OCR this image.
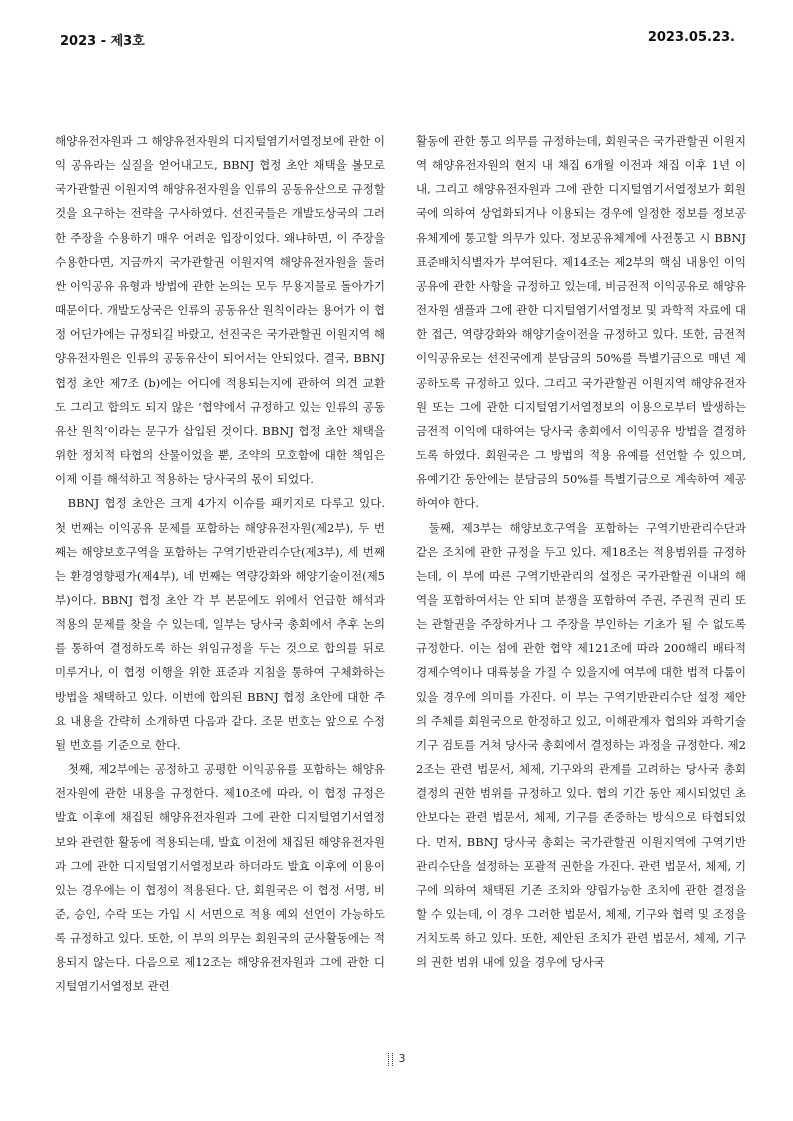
2023 - 제3호	2023.05.23.

해양유전자원과 그 해양유전자원의 디지털염기서열정보에 관한 이익 공유라는 실질을 얻어내고도, BBNJ 협정 초안 채택을 볼모로 국가관할권 이원지역 해양유전자원을 인류의 공동유산으로 규정할 것을 요구하는 전략을 구사하였다. 선진국들은 개발도상국의 그러한 주장을 수용하기 매우 어려운 입장이었다. 왜냐하면, 이 주장을 수용한다면, 지금까지 국가관할권 이원지역 해양유전자원을 둘러싼 이익공유 유형과 방법에 관한 논의는 모두 무용지물로 돌아가기 때문이다. 개발도상국은 인류의 공동유산 원칙이라는 용어가 이 협정 어딘가에는 규정되길 바랐고, 선진국은 국가관할권 이원지역 해양유전자원은 인류의 공동유산이 되어서는 안되었다. 결국, BBNJ 협정 초안 제7조 (b)에는 어디에 적용되는지에 관하여 의견 교환도 그리고 합의도 되지 않은 ‘협약에서 규정하고 있는 인류의 공동유산 원칙’이라는 문구가 삽입된 것이다. BBNJ 협정 초안 채택을 위한 정치적 타협의 산물이었을 뿐, 조약의 모호함에 대한 책임은 이제 이를 해석하고 적용하는 당사국의 몫이 되었다.

BBNJ 협정 초안은 크게 4가지 이슈를 패키지로 다루고 있다. 첫 번째는 이익공유 문제를 포함하는 해양유전자원(제2부), 두 번째는 해양보호구역을 포함하는 구역기반관리수단(제3부), 세 번째는 환경영향평가(제4부), 네 번째는 역량강화와 해양기술이전(제5부)이다. BBNJ 협정 초안 각 부 본문에도 위에서 언급한 해석과 적용의 문제를 찾을 수 있는데, 일부는 당사국 총회에서 추후 논의를 통하여 결정하도록 하는 위임규정을 두는 것으로 합의를 뒤로 미루거나, 이 협정 이행을 위한 표준과 지침을 통하여 구체화하는 방법을 채택하고 있다. 이번에 합의된 BBNJ 협정 초안에 대한 주요 내용을 간략히 소개하면 다음과 같다. 조문 번호는 앞으로 수정될 번호를 기준으로 한다.

첫째, 제2부에는 공정하고 공평한 이익공유를 포함하는 해양유전자원에 관한 내용을 규정한다. 제10조에 따라, 이 협정 규정은 발효 이후에 채집된 해양유전자원과 그에 관한 디지털염기서열정보와 관련한 활동에 적용되는데, 발효 이전에 채집된 해양유전자원과 그에 관한 디지털염기서열정보라 하더라도 발효 이후에 이용이있는 경우에는 이 협정이 적용된다. 단, 회원국은 이 협정 서명, 비준, 승인, 수락 또는 가입 시 서면으로 적용 예외 선언이 가능하도록 규정하고 있다. 또한, 이 부의 의무는 회원국의 군사활동에는 적용되지 않는다. 다음으로 제12조는 해양유전자원과 그에 관한 디지털염기서열정보 관련

활동에 관한 통고 의무를 규정하는데, 회원국은 국가관할권 이원지역 해양유전자원의 현지 내 채집 6개월 이전과 채집 이후 1년 이내, 그리고 해양유전자원과 그에 관한 디지털염기서열정보가 회원국에 의하여 상업화되거나 이용되는 경우에 일정한 정보를 정보공유체계에 통고할 의무가 있다. 정보공유체계에 사전통고 시 BBNJ 표준배치식별자가 부여된다. 제14조는 제2부의 핵심 내용인 이익공유에 관한 사항을 규정하고 있는데, 비금전적 이익공유로 해양유전자원 샘플과 그에 관한 디지털염기서열정보 및 과학적 자료에 대한 접근, 역량강화와 해양기술이전을 규정하고 있다. 또한, 금전적 이익공유로는 선진국에게 분담금의 50%를 특별기금으로 매년 제공하도록 규정하고 있다. 그리고 국가관할권 이원지역 해양유전자원 또는 그에 관한 디지털염기서열정보의 이용으로부터 발생하는 금전적 이익에 대하여는 당사국 총회에서 이익공유 방법을 결정하도록 하였다. 회원국은 그 방법의 적용 유예를 선언할 수 있으며, 유예기간 동안에는 분담금의 50%를 특별기금으로 계속하여 제공하여야 한다.

둘째, 제3부는 해양보호구역을 포함하는 구역기반관리수단과 같은 조치에 관한 규정을 두고 있다. 제18조는 적용범위를 규정하는데, 이 부에 따른 구역기반관리의 설정은 국가관할권 이내의 해역을 포함하여서는 안 되며 분쟁을 포함하여 주권, 주권적 권리 또는 관할권을 주장하거나 그 주장을 부인하는 기초가 될 수 없도록 규정한다. 이는 섬에 관한 협약 제121조에 따라 200해리 배타적경제수역이나 대륙붕을 가질 수 있을지에 여부에 대한 법적 다툼이 있을 경우에 의미를 가진다. 이 부는 구역기반관리수단 설정 제안의 주체를 회원국으로 한정하고 있고, 이해관계자 협의와 과학기술기구 검토를 거쳐 당사국 총회에서 결정하는 과정을 규정한다. 제22조는 관련 법문서, 체제, 기구와의 관계를 고려하는 당사국 총회 결정의 권한 범위를 규정하고 있다. 협의 기간 동안 제시되었던 초안보다는 관련 법문서, 체제, 기구를 존중하는 방식으로 타협되었다. 먼저, BBNJ 당사국 총회는 국가관할권 이원지역에 구역기반관리수단을 설정하는 포괄적 권한을 가진다. 관련 법문서, 체제, 기구에 의하여 채택된 기존 조치와 양립가능한 조치에 관한 결정을 할 수 있는데, 이 경우 그러한 법문서, 체제, 기구와 협력 및 조정을 거치도록 하고 있다. 또한, 제안된 조치가 관련 법문서, 체제, 기구의 권한 범위 내에 있을 경우에 당사국

3
